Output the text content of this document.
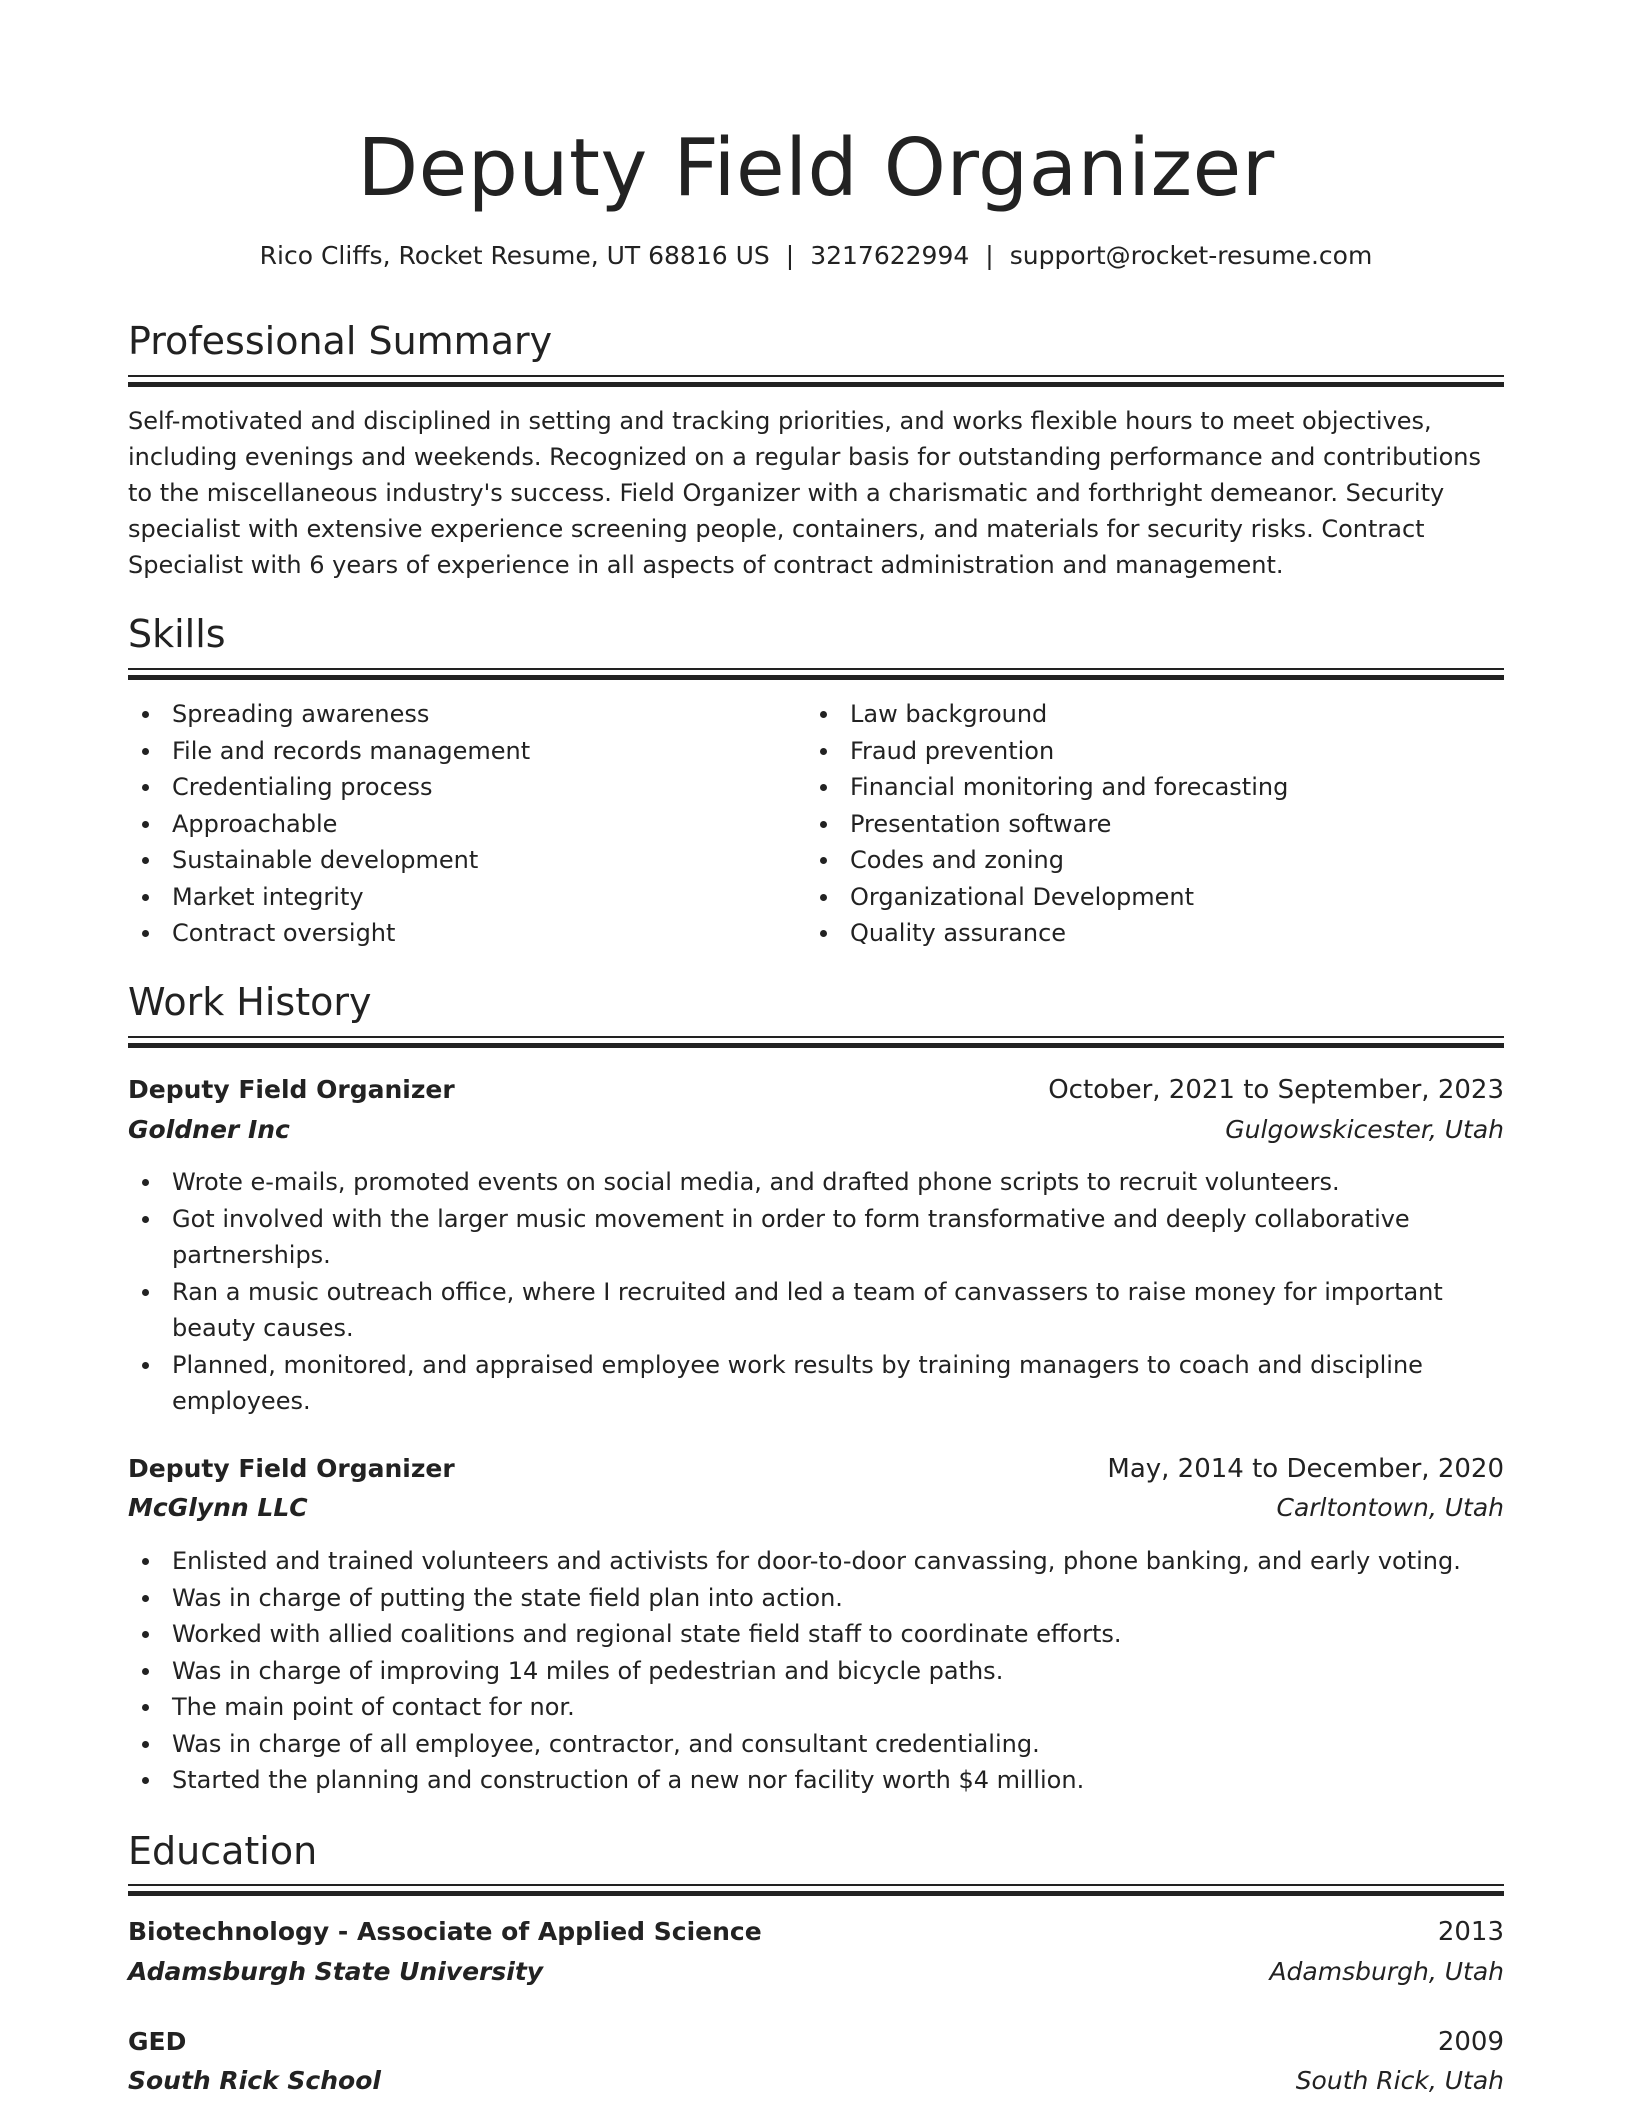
Deputy Field Organizer
Rico Cliffs, Rocket Resume, UT 68816 US | 3217622994 | support@rocket-resume.com
Professional Summary

Self-motivated and disciplined in setting and tracking priorities, and works flexible hours to meet objectives, including evenings and weekends. Recognized on a regular basis for outstanding performance and contributions to the miscellaneous industry's success. Field Organizer with a charismatic and forthright demeanor. Security specialist with extensive experience screening people, containers, and materials for security risks. Contract Specialist with 6 years of experience in all aspects of contract administration and management.

Skills
Spreading awareness
File and records management
Credentialing process
Approachable
Sustainable development
Market integrity
Contract oversight
Law background
Fraud prevention
Financial monitoring and forecasting
Presentation software
Codes and zoning
Organizational Development
Quality assurance
Work History
Deputy Field Organizer	October, 2021 to September, 2023
Goldner Inc	Gulgowskicester, Utah
Wrote e-mails, promoted events on social media, and drafted phone scripts to recruit volunteers.
Got involved with the larger music movement in order to form transformative and deeply collaborative partnerships.
Ran a music outreach office, where I recruited and led a team of canvassers to raise money for important beauty causes.
Planned, monitored, and appraised employee work results by training managers to coach and discipline employees.
Deputy Field Organizer	May, 2014 to December, 2020
McGlynn LLC	Carltontown, Utah
Enlisted and trained volunteers and activists for door-to-door canvassing, phone banking, and early voting.
Was in charge of putting the state field plan into action.
Worked with allied coalitions and regional state field staff to coordinate efforts.
Was in charge of improving 14 miles of pedestrian and bicycle paths.
The main point of contact for nor.
Was in charge of all employee, contractor, and consultant credentialing.
Started the planning and construction of a new nor facility worth $4 million.
Education
Biotechnology - Associate of Applied Science	2013
Adamsburgh State University	Adamsburgh, Utah
GED	2009
South Rick School	South Rick, Utah
